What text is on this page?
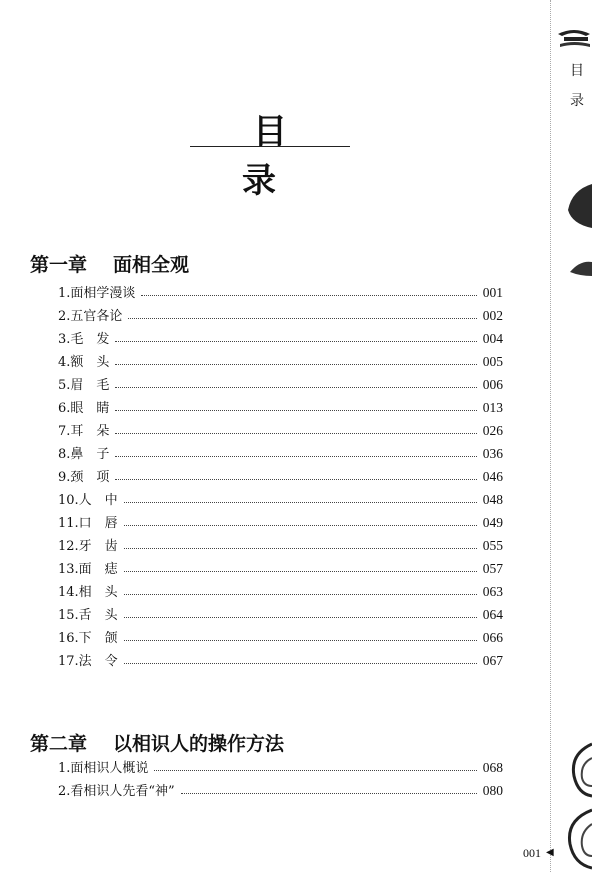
目 录
第一章 面相全观
1.面相学漫谈	001
2.五官各论	002
3.毛　发	004
4.额　头	005
5.眉　毛	006
6.眼　睛	013
7.耳　朵	026
8.鼻　子	036
9.颈　项	046
10.人　中	048
11.口　唇	049
12.牙　齿	055
13.面　痣	057
14.相　头	063
15.舌　头	064
16.下　颌	066
17.法　令	067
第二章 以相识人的操作方法
1.面相识人概说	068
2.看相识人先看“神”	080
目
录
001 ◀
